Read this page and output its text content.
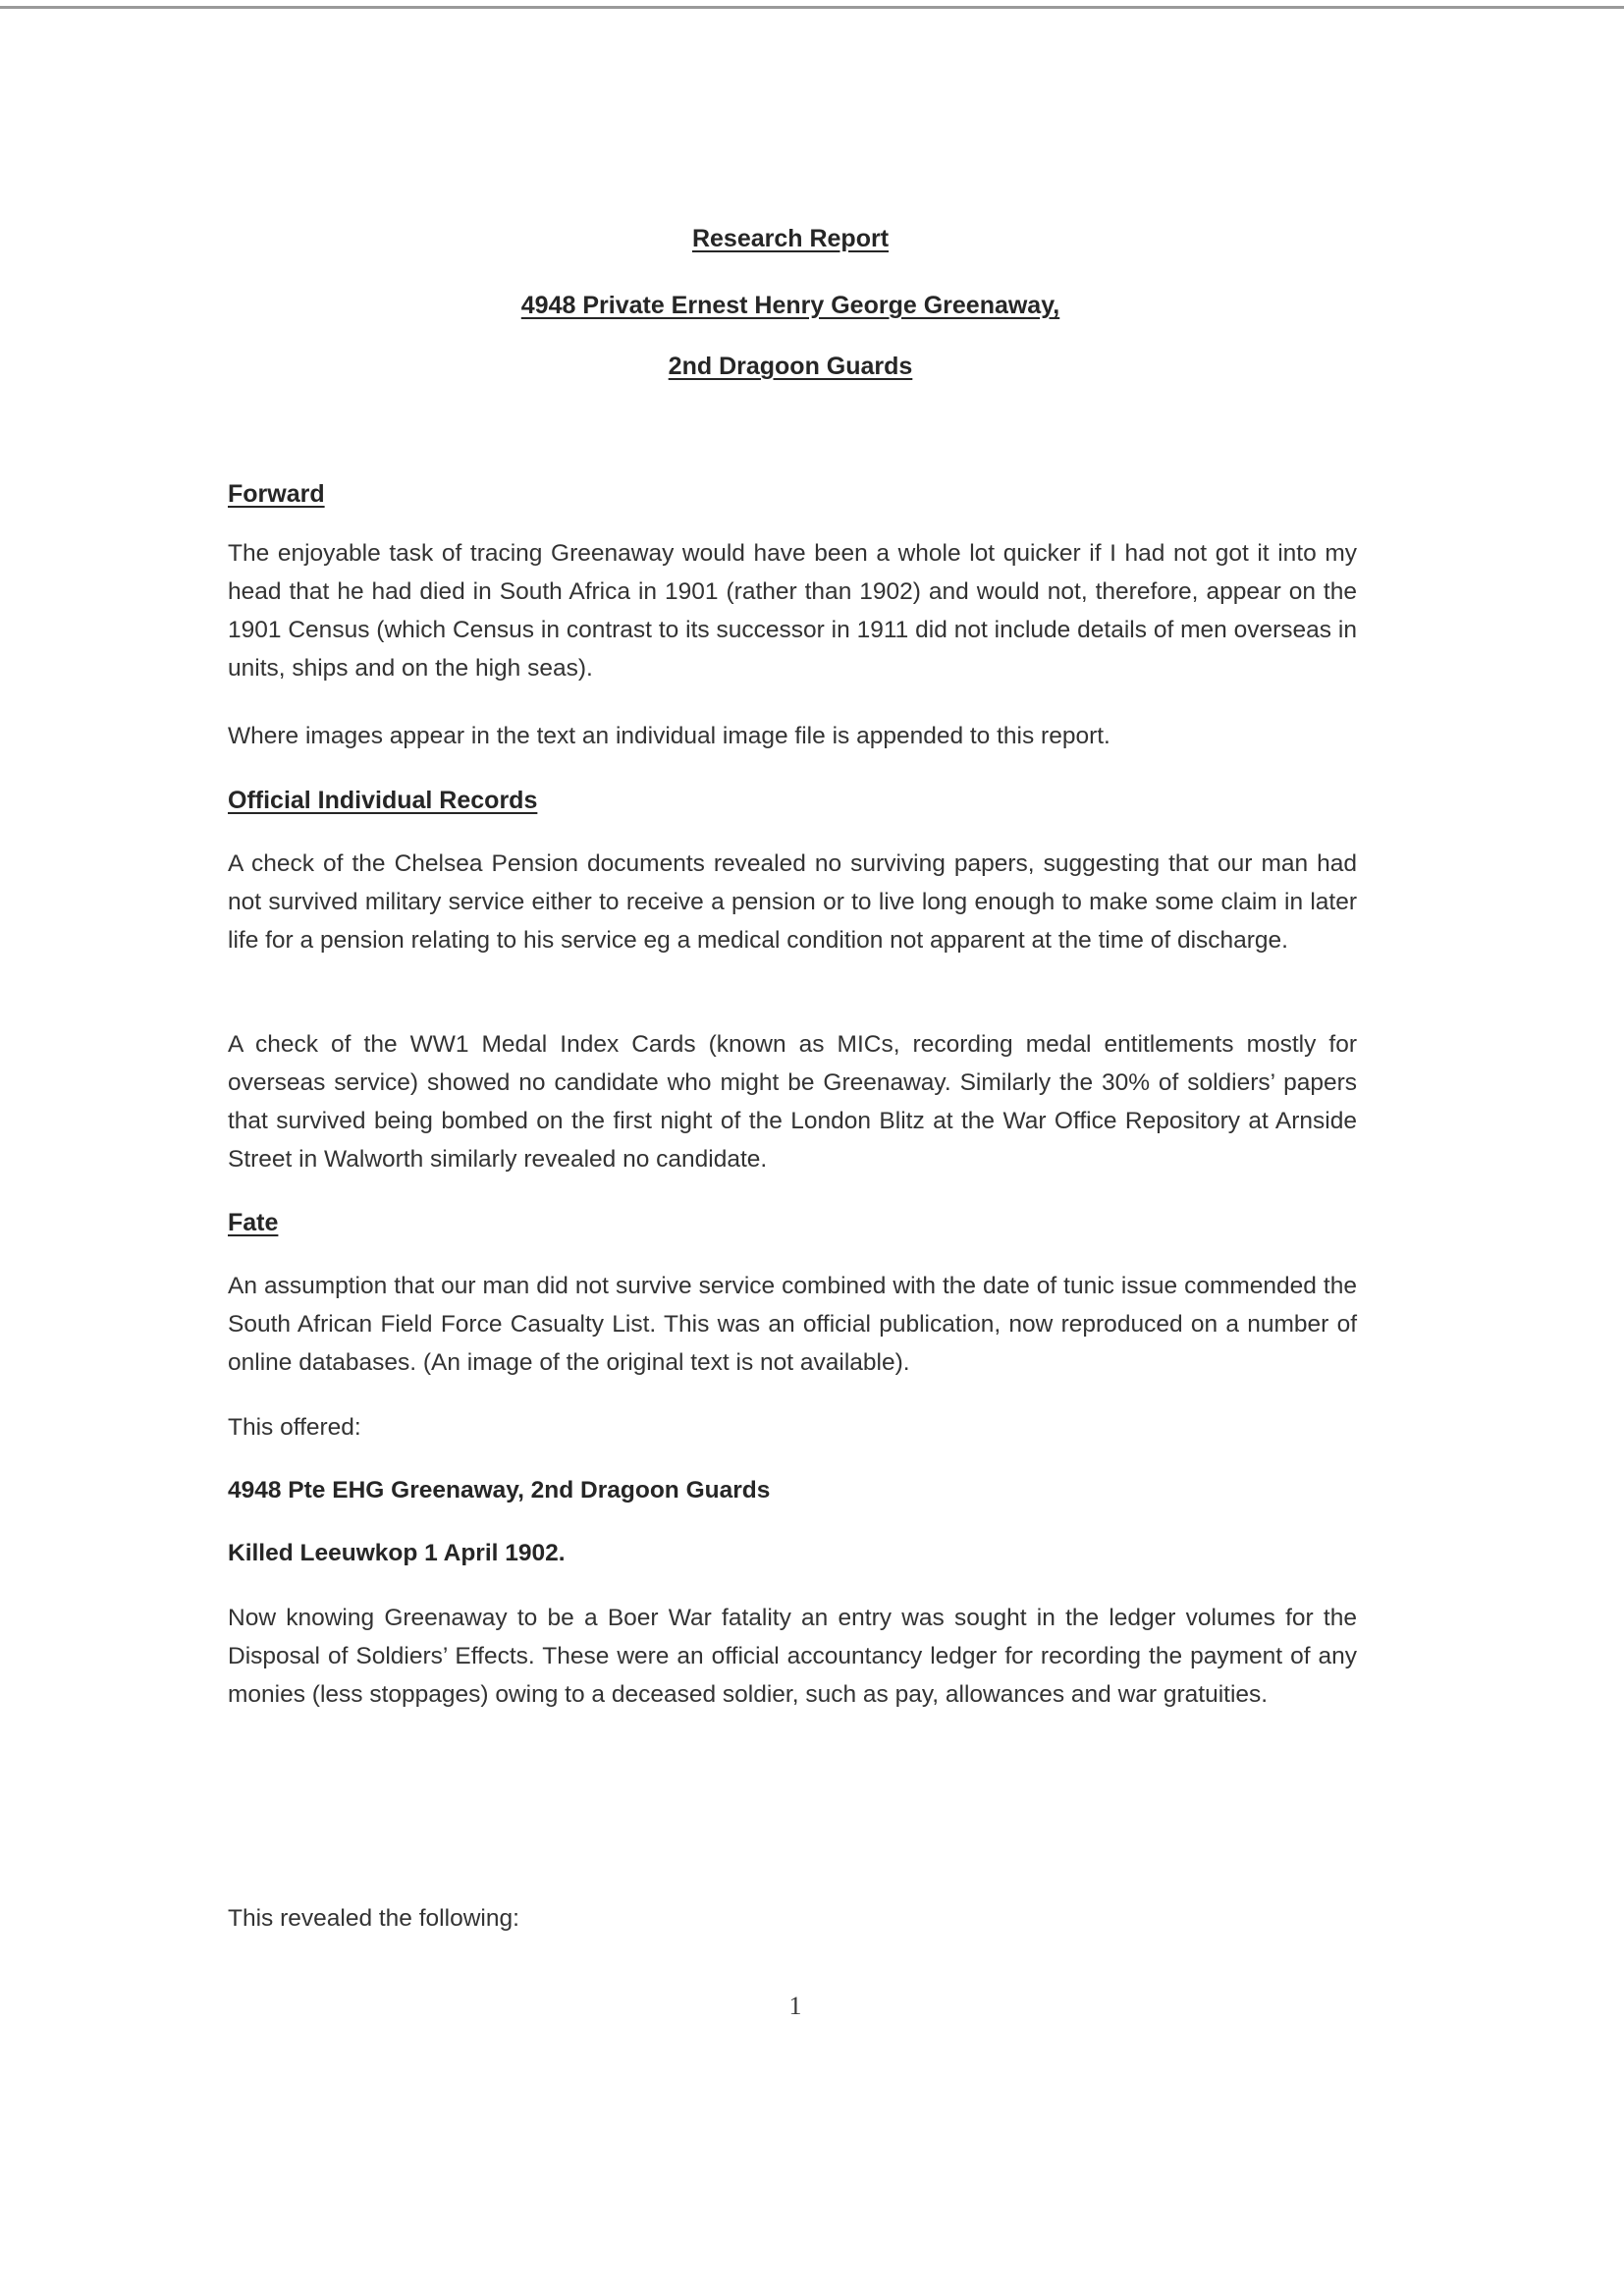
Research Report
4948 Private Ernest Henry George Greenaway,
2nd Dragoon Guards
Forward

The enjoyable task of tracing Greenaway would have been a whole lot quicker if I had not got it into my head that he had died in South Africa in 1901 (rather than 1902) and would not, therefore, appear on the 1901 Census (which Census in contrast to its successor in 1911 did not include details of men overseas in units, ships and on the high seas).

Where images appear in the text an individual image file is appended to this report.

Official Individual Records

A check of the Chelsea Pension documents revealed no surviving papers, suggesting that our man had not survived military service either to receive a pension or to live long enough to make some claim in later life for a pension relating to his service eg a medical condition not apparent at the time of discharge.

A check of the WW1 Medal Index Cards (known as MICs, recording medal entitlements mostly for overseas service) showed no candidate who might be Greenaway. Similarly the 30% of soldiers’ papers that survived being bombed on the first night of the London Blitz at the War Office Repository at Arnside Street in Walworth similarly revealed no candidate.

Fate

An assumption that our man did not survive service combined with the date of tunic issue commended the South African Field Force Casualty List. This was an official publication, now reproduced on a number of online databases. (An image of the original text is not available).

This offered:

4948 Pte EHG Greenaway, 2nd Dragoon Guards

Killed Leeuwkop 1 April 1902.

Now knowing Greenaway to be a Boer War fatality an entry was sought in the ledger volumes for the Disposal of Soldiers’ Effects. These were an official accountancy ledger for recording the payment of any monies (less stoppages) owing to a deceased soldier, such as pay, allowances and war gratuities.

This revealed the following:

1
